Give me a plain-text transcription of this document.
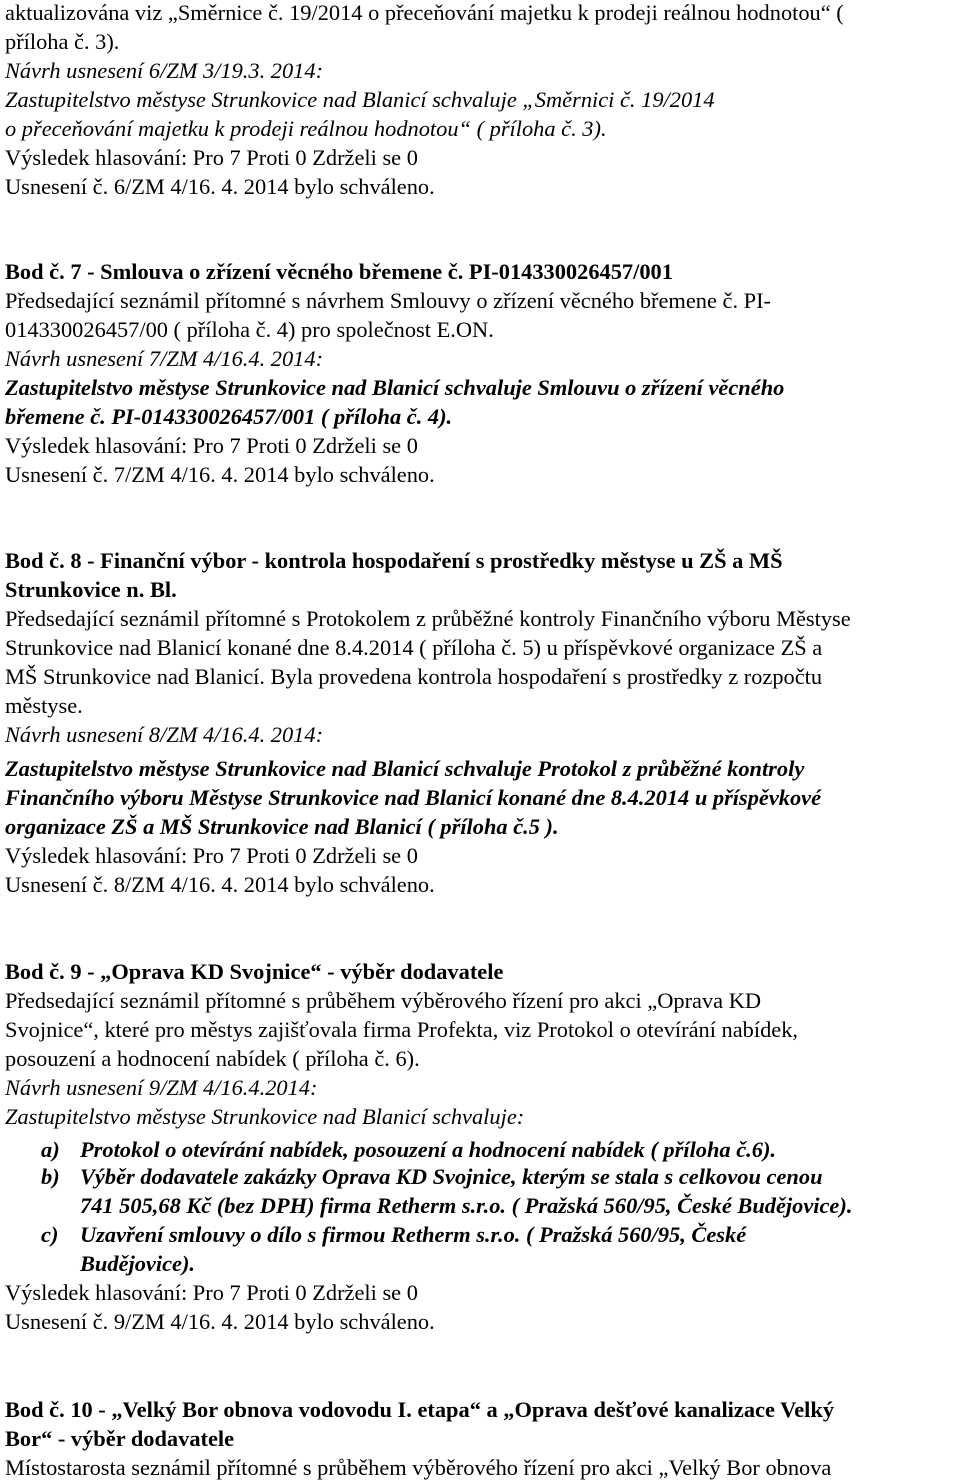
aktualizována viz „Směrnice č. 19/2014 o přeceňování majetku k prodeji reálnou hodnotou“ (

příloha č. 3).

Návrh usnesení 6/ZM 3/19.3. 2014:

Zastupitelstvo městyse Strunkovice nad Blanicí schvaluje „Směrnici č. 19/2014

o přeceňování majetku k prodeji reálnou hodnotou“ ( příloha č. 3).

Výsledek hlasování: Pro 7 Proti 0 Zdrželi se 0

Usnesení č. 6/ZM 4/16. 4. 2014 bylo schváleno.

Bod č. 7 - Smlouva o zřízení věcného břemene č. PI-014330026457/001

Předsedající seznámil přítomné s návrhem Smlouvy o zřízení věcného břemene č. PI-

014330026457/00 ( příloha č. 4) pro společnost E.ON.

Návrh usnesení 7/ZM 4/16.4. 2014:

Zastupitelstvo městyse Strunkovice nad Blanicí schvaluje Smlouvu o zřízení věcného

břemene č. PI-014330026457/001 ( příloha č. 4).

Výsledek hlasování: Pro 7 Proti 0 Zdrželi se 0

Usnesení č. 7/ZM 4/16. 4. 2014 bylo schváleno.

Bod č. 8 - Finanční výbor - kontrola hospodaření s prostředky městyse u ZŠ a MŠ

Strunkovice n. Bl.

Předsedající seznámil přítomné s Protokolem z průběžné kontroly Finančního výboru Městyse

Strunkovice nad Blanicí konané dne 8.4.2014 ( příloha č. 5) u příspěvkové organizace ZŠ a

MŠ Strunkovice nad Blanicí. Byla provedena kontrola hospodaření s prostředky z rozpočtu

městyse.

Návrh usnesení 8/ZM 4/16.4. 2014:

Zastupitelstvo městyse Strunkovice nad Blanicí schvaluje Protokol z průběžné kontroly

Finančního výboru Městyse Strunkovice nad Blanicí konané dne 8.4.2014 u příspěvkové

organizace ZŠ a MŠ Strunkovice nad Blanicí ( příloha č.5 ).

Výsledek hlasování: Pro 7 Proti 0 Zdrželi se 0

Usnesení č. 8/ZM 4/16. 4. 2014 bylo schváleno.

Bod č. 9 - „Oprava KD Svojnice“ - výběr dodavatele

Předsedající seznámil přítomné s průběhem výběrového řízení pro akci „Oprava KD

Svojnice“, které pro městys zajišťovala firma Profekta, viz Protokol o otevírání nabídek,

posouzení a hodnocení nabídek ( příloha č. 6).

Návrh usnesení 9/ZM 4/16.4.2014:

Zastupitelstvo městyse Strunkovice nad Blanicí schvaluje:

a) Protokol o otevírání nabídek, posouzení a hodnocení nabídek ( příloha č.6).
b) Výběr dodavatele zakázky Oprava KD Svojnice, kterým se stala s celkovou cenou
741 505,68 Kč (bez DPH) firma Retherm s.r.o. ( Pražská 560/95, České Budějovice).
c) Uzavření smlouvy o dílo s firmou Retherm s.r.o. ( Pražská 560/95, České
Budějovice).

Výsledek hlasování: Pro 7 Proti 0 Zdrželi se 0

Usnesení č. 9/ZM 4/16. 4. 2014 bylo schváleno.

Bod č. 10 - „Velký Bor obnova vodovodu I. etapa“ a „Oprava dešťové kanalizace Velký

Bor“ - výběr dodavatele

Místostarosta seznámil přítomné s průběhem výběrového řízení pro akci „Velký Bor obnova
